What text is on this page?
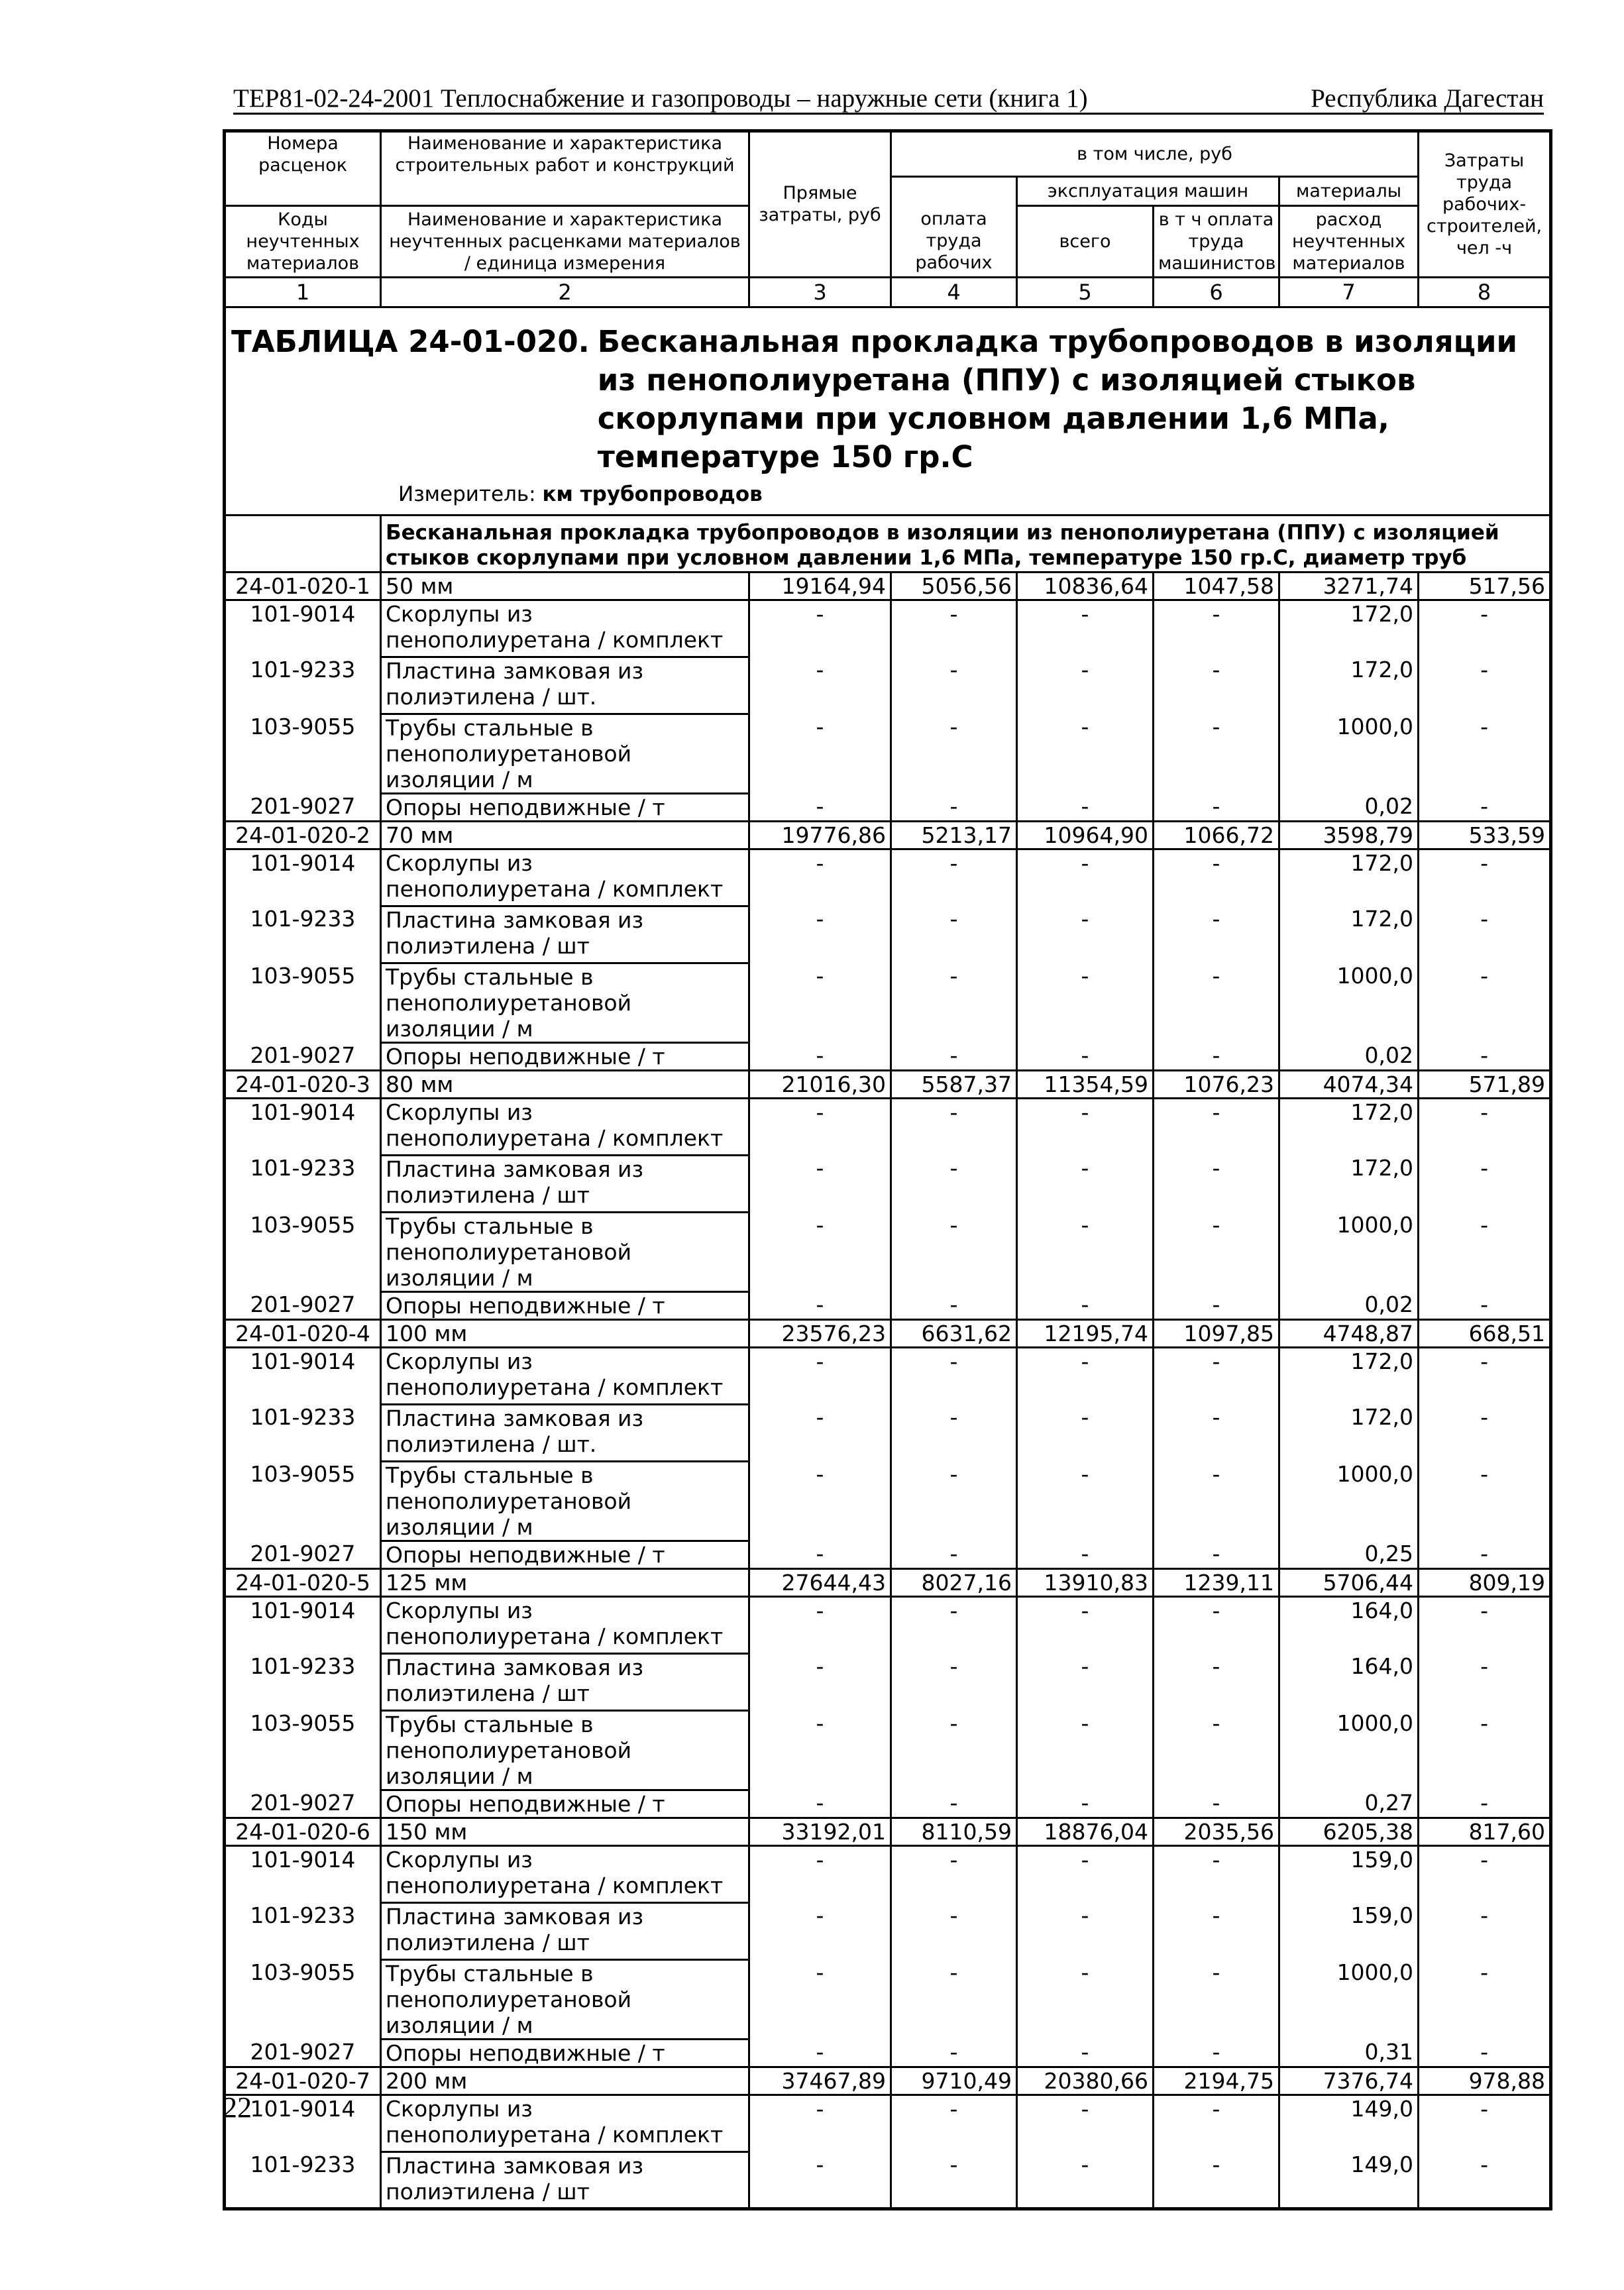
ТЕР81-02-24-2001 Теплоснабжение и газопроводы – наружные сети (книга 1)	Республика Дагестан
Номера расценок	Наименование и характеристика строительных работ и конструкций	Прямые затраты, руб	в том числе, руб				Затраты труда рабочих-строителей, чел -ч
				эксплуатация машин		материалы	
Коды неучтенных материалов	Наименование и характеристика неучтенных расценками материалов / единица измерения		оплата труда рабочих	всего	в т ч оплата труда машинистов	расход неучтенных материалов	

1	2	3	4	5	6	7	8

ТАБЛИЦА 24-01-020. Бесканальная прокладка трубопроводов в изоляции из пенополиуретана (ППУ) с изоляцией стыков скорлупами при условном давлении 1,6 МПа, температуре 150 гр.С
Измеритель: км трубопроводов							

	Бесканальная прокладка трубопроводов в изоляции из пенополиуретана (ППУ) с изоляцией стыков скорлупами при условном давлении 1,6 МПа, температуре 150 гр.С, диаметр труб						
24-01-020-1	50 мм	19164,94	5056,56	10836,64	1047,58	3271,74	517,56
101-9014	Скорлупы из пенополиуретана / комплект	-	-	-	-	172,0	-
101-9233	Пластина замковая из полиэтилена / шт.	-	-	-	-	172,0	-
103-9055	Трубы стальные в пенополиуретановой изоляции / м	-	-	-	-	1000,0	-
201-9027	Опоры неподвижные / т	-	-	-	-	0,02	-
24-01-020-2	70 мм	19776,86	5213,17	10964,90	1066,72	3598,79	533,59
101-9014	Скорлупы из пенополиуретана / комплект	-	-	-	-	172,0	-
101-9233	Пластина замковая из полиэтилена / шт	-	-	-	-	172,0	-
103-9055	Трубы стальные в пенополиуретановой изоляции / м	-	-	-	-	1000,0	-
201-9027	Опоры неподвижные / т	-	-	-	-	0,02	-
24-01-020-3	80 мм	21016,30	5587,37	11354,59	1076,23	4074,34	571,89
101-9014	Скорлупы из пенополиуретана / комплект	-	-	-	-	172,0	-
101-9233	Пластина замковая из полиэтилена / шт	-	-	-	-	172,0	-
103-9055	Трубы стальные в пенополиуретановой изоляции / м	-	-	-	-	1000,0	-
201-9027	Опоры неподвижные / т	-	-	-	-	0,02	-
24-01-020-4	100 мм	23576,23	6631,62	12195,74	1097,85	4748,87	668,51
101-9014	Скорлупы из пенополиуретана / комплект	-	-	-	-	172,0	-
101-9233	Пластина замковая из полиэтилена / шт.	-	-	-	-	172,0	-
103-9055	Трубы стальные в пенополиуретановой изоляции / м	-	-	-	-	1000,0	-
201-9027	Опоры неподвижные / т	-	-	-	-	0,25	-
24-01-020-5	125 мм	27644,43	8027,16	13910,83	1239,11	5706,44	809,19
101-9014	Скорлупы из пенополиуретана / комплект	-	-	-	-	164,0	-
101-9233	Пластина замковая из полиэтилена / шт	-	-	-	-	164,0	-
103-9055	Трубы стальные в пенополиуретановой изоляции / м	-	-	-	-	1000,0	-
201-9027	Опоры неподвижные / т	-	-	-	-	0,27	-
24-01-020-6	150 мм	33192,01	8110,59	18876,04	2035,56	6205,38	817,60
101-9014	Скорлупы из пенополиуретана / комплект	-	-	-	-	159,0	-
101-9233	Пластина замковая из полиэтилена / шт	-	-	-	-	159,0	-
103-9055	Трубы стальные в пенополиуретановой изоляции / м	-	-	-	-	1000,0	-
201-9027	Опоры неподвижные / т	-	-	-	-	0,31	-
24-01-020-7	200 мм	37467,89	9710,49	20380,66	2194,75	7376,74	978,88
101-9014	Скорлупы из пенополиуретана / комплект	-	-	-	-	149,0	-
101-9233	Пластина замковая из полиэтилена / шт	-	-	-	-	149,0	-
22
